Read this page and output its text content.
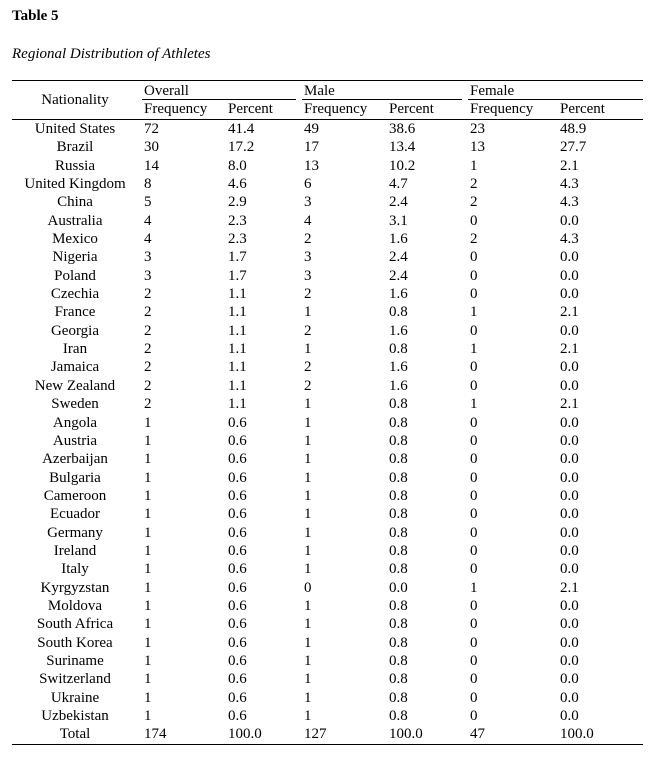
Table 5
Regional Distribution of Athletes
Nationality
Overall	Male	Female
Frequency Percent Frequency Percent Frequency Percent
United States	72	41.4	49	38.6	23	48.9
Brazil	30	17.2	17	13.4	13	27.7
Russia	14	8.0	13	10.2	1	2.1
United Kingdom	8	4.6	6	4.7	2	4.3
China	5	2.9	3	2.4	2	4.3
Australia	4	2.3	4	3.1	0	0.0
Mexico	4	2.3	2	1.6	2	4.3
Nigeria	3	1.7	3	2.4	0	0.0
Poland	3	1.7	3	2.4	0	0.0
Czechia	2	1.1	2	1.6	0	0.0
France	2	1.1	1	0.8	1	2.1
Georgia	2	1.1	2	1.6	0	0.0
Iran	2	1.1	1	0.8	1	2.1
Jamaica	2	1.1	2	1.6	0	0.0
New Zealand	2	1.1	2	1.6	0	0.0
Sweden	2	1.1	1	0.8	1	2.1
Angola	1	0.6	1	0.8	0	0.0
Austria	1	0.6	1	0.8	0	0.0
Azerbaijan	1	0.6	1	0.8	0	0.0
Bulgaria	1	0.6	1	0.8	0	0.0
Cameroon	1	0.6	1	0.8	0	0.0
Ecuador	1	0.6	1	0.8	0	0.0
Germany	1	0.6	1	0.8	0	0.0
Ireland	1	0.6	1	0.8	0	0.0
Italy	1	0.6	1	0.8	0	0.0
Kyrgyzstan	1	0.6	0	0.0	1	2.1
Moldova	1	0.6	1	0.8	0	0.0
South Africa	1	0.6	1	0.8	0	0.0
South Korea	1	0.6	1	0.8	0	0.0
Suriname	1	0.6	1	0.8	0	0.0
Switzerland	1	0.6	1	0.8	0	0.0
Ukraine	1	0.6	1	0.8	0	0.0
Uzbekistan	1	0.6	1	0.8	0	0.0
Total	174	100.0	127	100.0	47	100.0
